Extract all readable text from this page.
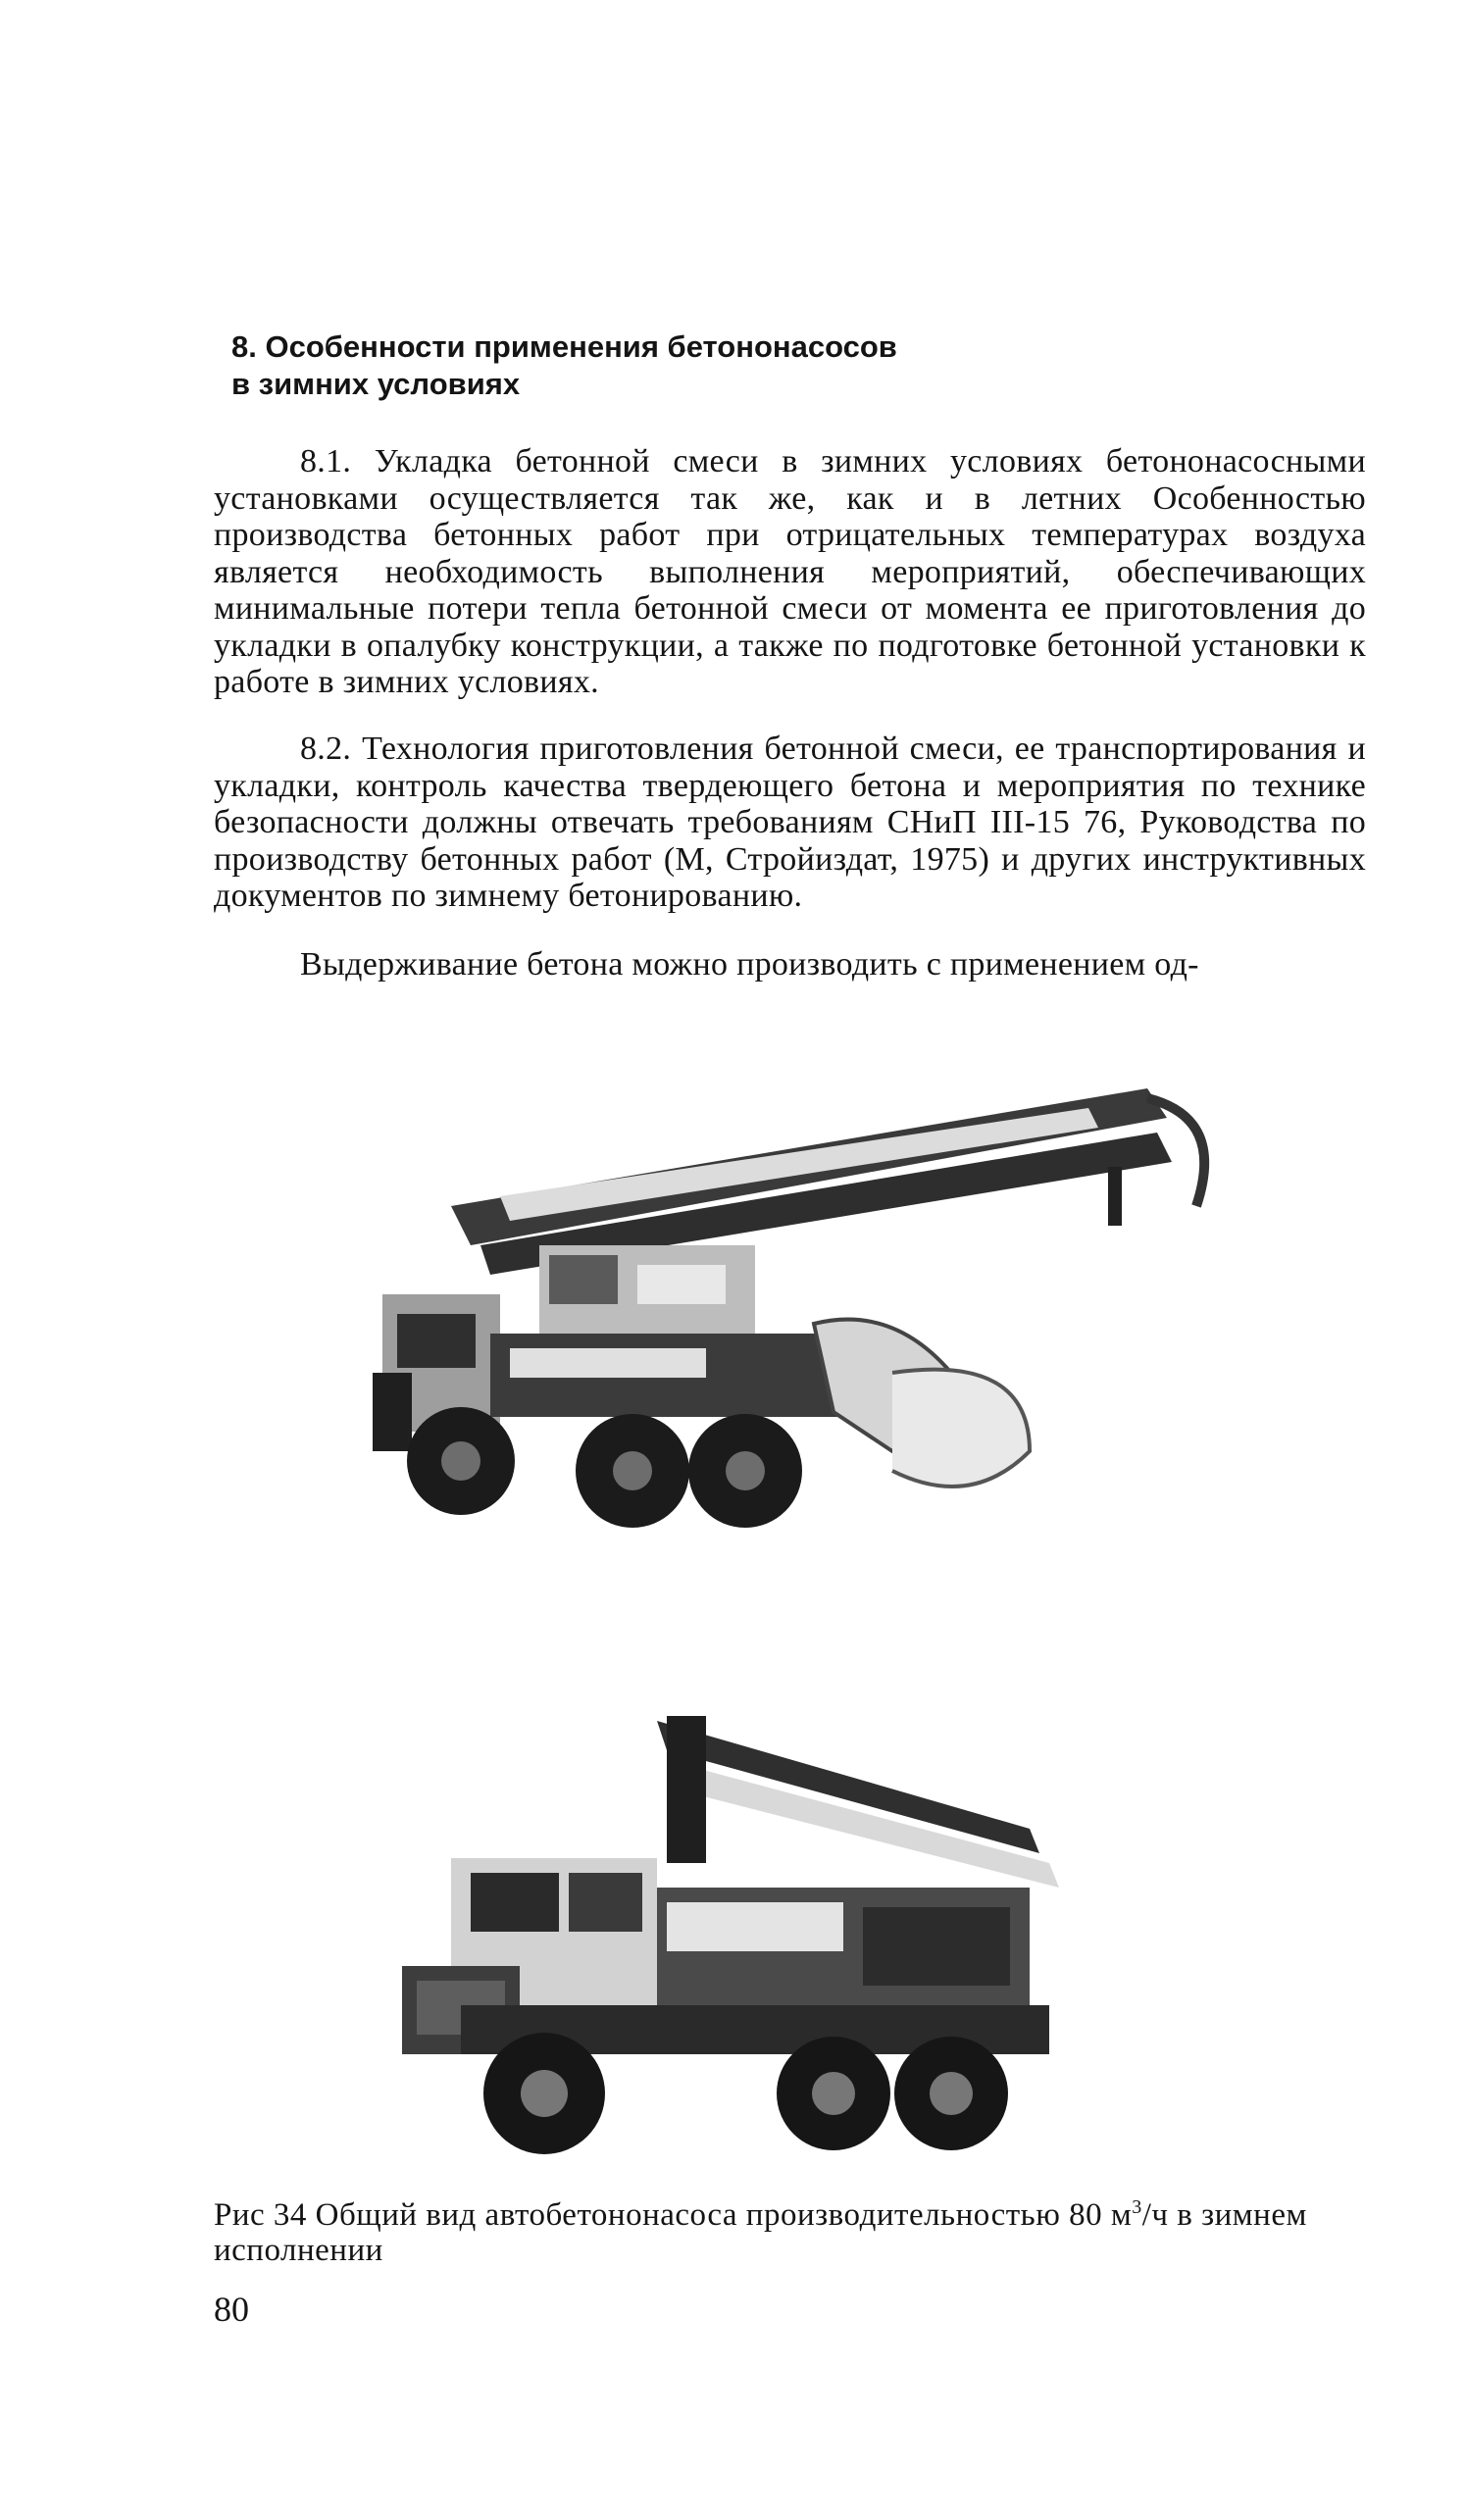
8. Особенности применения бетононасосов
в зимних условиях

8.1. Укладка бетонной смеси в зимних условиях бетононасосными установками осуществляется так же, как и в летних Особенностью производства бетонных работ при отрицательных температурах воздуха является необходимость выполнения мероприятий, обеспечивающих минимальные потери тепла бетонной смеси от момента ее приготовления до укладки в опалубку конструкции, а также по подготовке бетонной установки к работе в зимних условиях.

8.2. Технология приготовления бетонной смеси, ее транспортирования и укладки, контроль качества твердеющего бетона и мероприятия по технике безопасности должны отвечать требованиям СНиП III-15 76, Руководства по производству бетонных работ (М, Стройиздат, 1975) и других инструктивных документов по зимнему бетонированию.

Выдерживание бетона можно производить с применением од-

Рис 34 Общий вид автобетононасоса производительностью 80 $м^3/ч$ в зимнем исполнении
80
